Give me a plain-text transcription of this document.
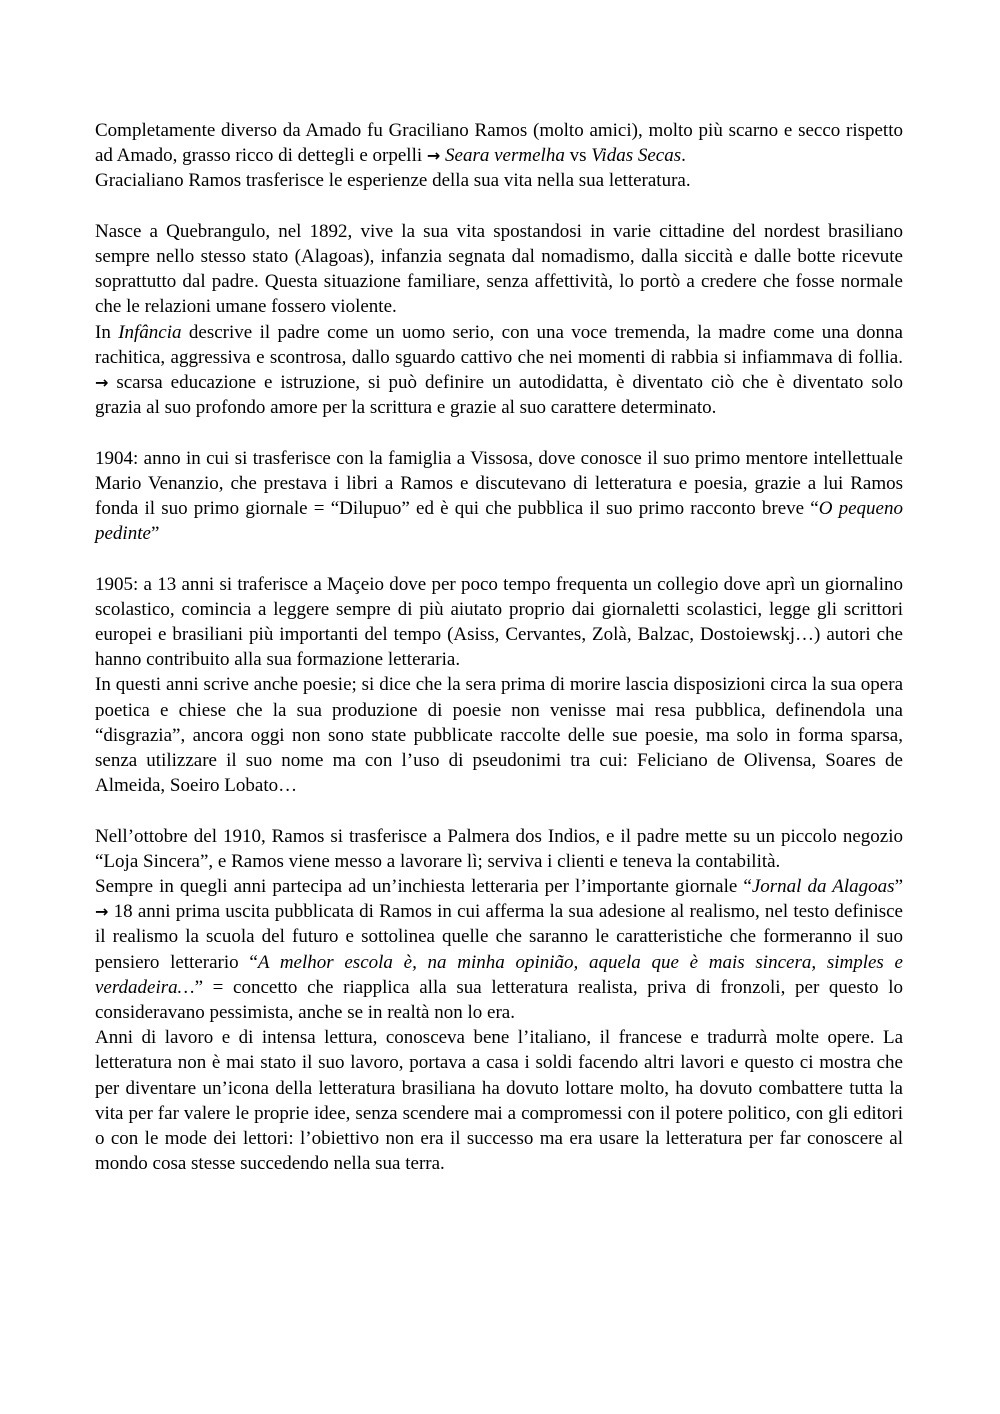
Completamente diverso da Amado fu Graciliano Ramos (molto amici), molto più scarno e secco rispetto ad Amado, grasso ricco di dettegli e orpelli → Seara vermelha vs Vidas Secas.

Gracialiano Ramos trasferisce le esperienze della sua vita nella sua letteratura.

Nasce a Quebrangulo, nel 1892, vive la sua vita spostandosi in varie cittadine del nordest brasiliano sempre nello stesso stato (Alagoas), infanzia segnata dal nomadismo, dalla siccità e dalle botte ricevute soprattutto dal padre. Questa situazione familiare, senza affettività, lo portò a credere che fosse normale che le relazioni umane fossero violente.

In Infância descrive il padre come un uomo serio, con una voce tremenda, la madre come una donna rachitica, aggressiva e scontrosa, dallo sguardo cattivo che nei momenti di rabbia si infiammava di follia. → scarsa educazione e istruzione, si può definire un autodidatta, è diventato ciò che è diventato solo grazia al suo profondo amore per la scrittura e grazie al suo carattere determinato.

1904: anno in cui si trasferisce con la famiglia a Vissosa, dove conosce il suo primo mentore intellettuale Mario Venanzio, che prestava i libri a Ramos e discutevano di letteratura e poesia, grazie a lui Ramos fonda il suo primo giornale = “Dilupuo” ed è qui che pubblica il suo primo racconto breve “O pequeno pedinte”

1905: a 13 anni si traferisce a Maçeio dove per poco tempo frequenta un collegio dove aprì un giornalino scolastico, comincia a leggere sempre di più aiutato proprio dai giornaletti scolastici, legge gli scrittori europei e brasiliani più importanti del tempo (Asiss, Cervantes, Zolà, Balzac, Dostoiewskj…) autori che hanno contribuito alla sua formazione letteraria.

In questi anni scrive anche poesie; si dice che la sera prima di morire lascia disposizioni circa la sua opera poetica e chiese che la sua produzione di poesie non venisse mai resa pubblica, definendola una “disgrazia”, ancora oggi non sono state pubblicate raccolte delle sue poesie, ma solo in forma sparsa, senza utilizzare il suo nome ma con l’uso di pseudonimi tra cui: Feliciano de Olivensa, Soares de Almeida, Soeiro Lobato…

Nell’ottobre del 1910, Ramos si trasferisce a Palmera dos Indios, e il padre mette su un piccolo negozio “Loja Sincera”, e Ramos viene messo a lavorare lì; serviva i clienti e teneva la contabilità.

Sempre in quegli anni partecipa ad un’inchiesta letteraria per l’importante giornale “Jornal da Alagoas” → 18 anni prima uscita pubblicata di Ramos in cui afferma la sua adesione al realismo, nel testo definisce il realismo la scuola del futuro e sottolinea quelle che saranno le caratteristiche che formeranno il suo pensiero letterario “A melhor escola è, na minha opinião, aquela que è mais sincera, simples e verdadeira…” = concetto che riapplica alla sua letteratura realista, priva di fronzoli, per questo lo consideravano pessimista, anche se in realtà non lo era.

Anni di lavoro e di intensa lettura, conosceva bene l’italiano, il francese e tradurrà molte opere. La letteratura non è mai stato il suo lavoro, portava a casa i soldi facendo altri lavori e questo ci mostra che per diventare un’icona della letteratura brasiliana ha dovuto lottare molto, ha dovuto combattere tutta la vita per far valere le proprie idee, senza scendere mai a compromessi con il potere politico, con gli editori o con le mode dei lettori: l’obiettivo non era il successo ma era usare la letteratura per far conoscere al mondo cosa stesse succedendo nella sua terra.
